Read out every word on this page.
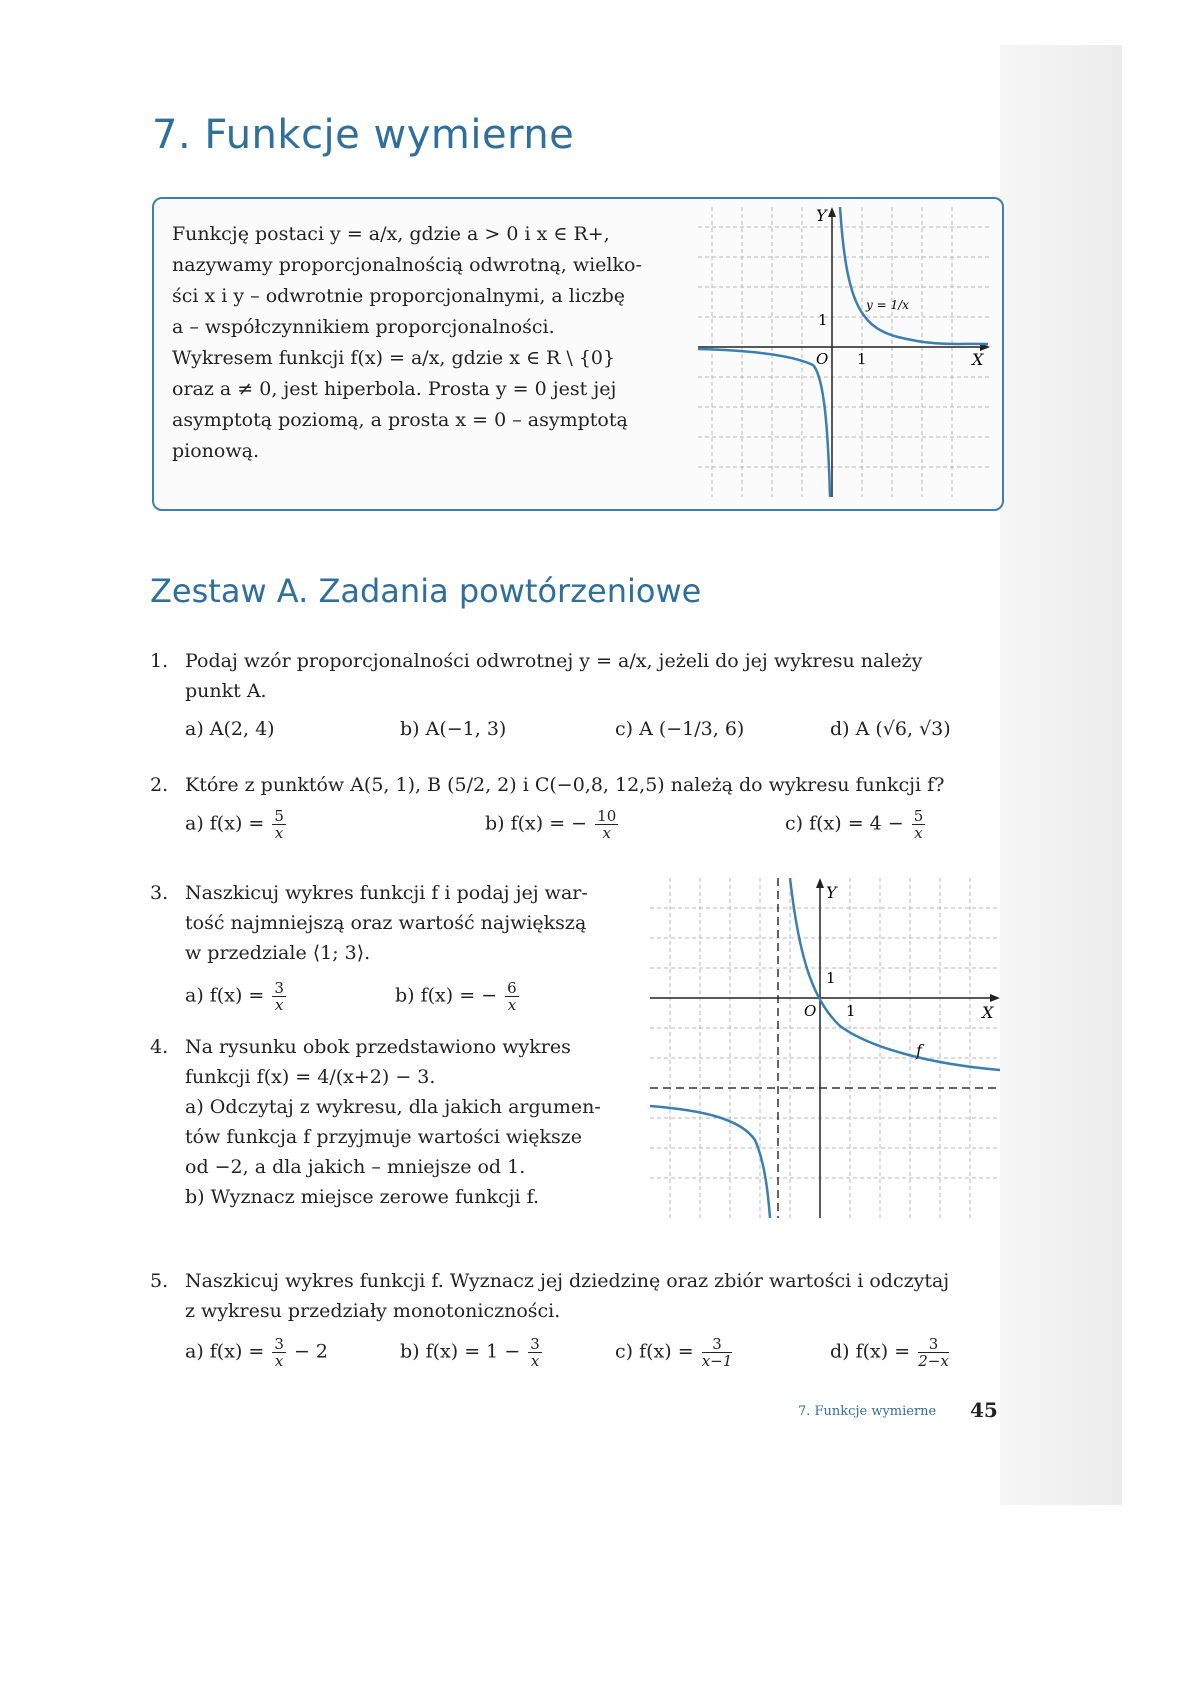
7. Funkcje wymierne

Funkcję postaci y = a/x, gdzie a > 0 i x ∈ R+,

nazywamy proporcjonalnością odwrotną, wielko-

ści x i y – odwrotnie proporcjonalnymi, a liczbę

a – współczynnikiem proporcjonalności.

Wykresem funkcji f(x) = a/x, gdzie x ∈ R \ {0}

oraz a ≠ 0, jest hiperbola. Prosta y = 0 jest jej

asymptotą poziomą, a prosta x = 0 – asymptotą

pionową.

Y
X
O 1
1
y = 1/x
Zestaw A. Zadania powtórzeniowe
1. Podaj wzór proporcjonalności odwrotnej y = a/x, jeżeli do jej wykresu należy
punkt A.
a) A(2, 4)	b) A(−1, 3)	c) A (−1/3, 6)	d) A (√6, √3)
2. Które z punktów A(5, 1), B (5/2, 2) i C(−0,8, 12,5) należą do wykresu funkcji f?
a) $f(x) = \frac{5}{x}$	b) f(x) = − $\frac{10}{x}$	c) $f(x) = 4 - \frac{5}{x}$
3. Naszkicuj wykres funkcji f i podaj jej war-
tość najmniejszą oraz wartość największą
w przedziale ⟨1; 3⟩.
a) $f(x) = \frac{3}{x}$	b) f(x) = − $\frac{6}{x}$
4. Na rysunku obok przedstawiono wykres
funkcji f(x) = 4/(x+2) − 3.
a) Odczytaj z wykresu, dla jakich argumen-
tów funkcja f przyjmuje wartości większe
od −2, a dla jakich – mniejsze od 1.
b) Wyznacz miejsce zerowe funkcji f.
Y
X
O 1
1
f
5. Naszkicuj wykres funkcji f. Wyznacz jej dziedzinę oraz zbiór wartości i odczytaj
z wykresu przedziały monotoniczności.
a) $f(x) = \frac{3}{x} - 2$	b) $f(x) = 1 - \frac{3}{x}$	c) $f(x) = \frac{3}{x-1}$	d) $f(x) = \frac{3}{2-x}$
7. Funkcje wymierne 45
